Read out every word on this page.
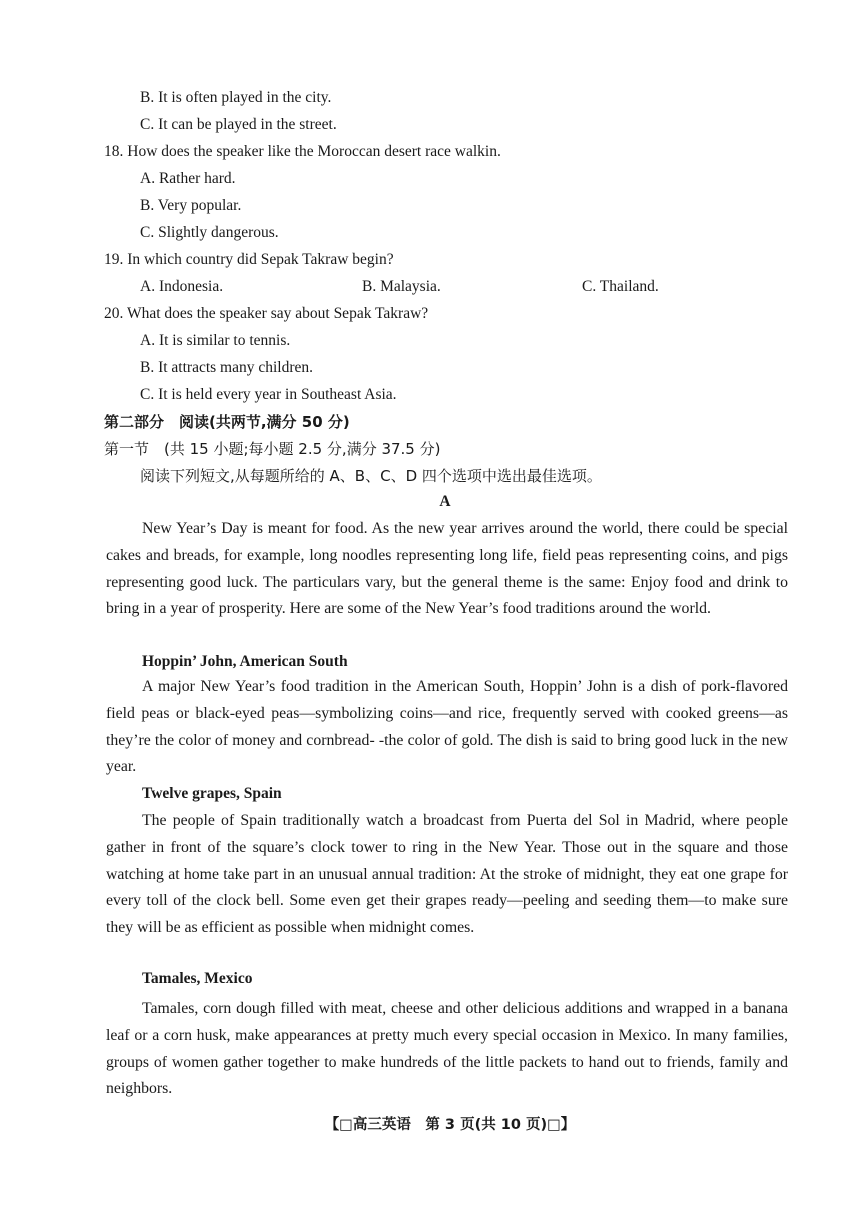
B. It is often played in the city.
C. It can be played in the street.
18. How does the speaker like the Moroccan desert race walkin.
A. Rather hard.
B. Very popular.
C. Slightly dangerous.
19. In which country did Sepak Takraw begin?
A. Indonesia.	B. Malaysia.	C. Thailand.
20. What does the speaker say about Sepak Takraw?
A. It is similar to tennis.
B. It attracts many children.
C. It is held every year in Southeast Asia.
第二部分　阅读(共两节,满分 50 分)
第一节　(共 15 小题;每小题 2.5 分,满分 37.5 分)
阅读下列短文,从每题所给的 A、B、C、D 四个选项中选出最佳选项。
A

New Year’s Day is meant for food. As the new year arrives around the world, there could be special cakes and breads, for example, long noodles representing long life, field peas representing coins, and pigs representing good luck. The particulars vary, but the general theme is the same: Enjoy food and drink to bring in a year of prosperity. Here are some of the New Year’s food traditions around the world.

Hoppin’ John, American South

A major New Year’s food tradition in the American South, Hoppin’ John is a dish of pork-flavored field peas or black-eyed peas—symbolizing coins—and rice, frequently served with cooked greens—as they’re the color of money and cornbread- -the color of gold. The dish is said to bring good luck in the new year.

Twelve grapes, Spain

The people of Spain traditionally watch a broadcast from Puerta del Sol in Madrid, where people gather in front of the square’s clock tower to ring in the New Year. Those out in the square and those watching at home take part in an unusual annual tradition: At the stroke of midnight, they eat one grape for every toll of the clock bell. Some even get their grapes ready—peeling and seeding them—to make sure they will be as efficient as possible when midnight comes.

Tamales, Mexico

Tamales, corn dough filled with meat, cheese and other delicious additions and wrapped in a banana leaf or a corn husk, make appearances at pretty much every special occasion in Mexico. In many families, groups of women gather together to make hundreds of the little packets to hand out to friends, family and neighbors.

【□高三英语　第 3 页(共 10 页)□】
